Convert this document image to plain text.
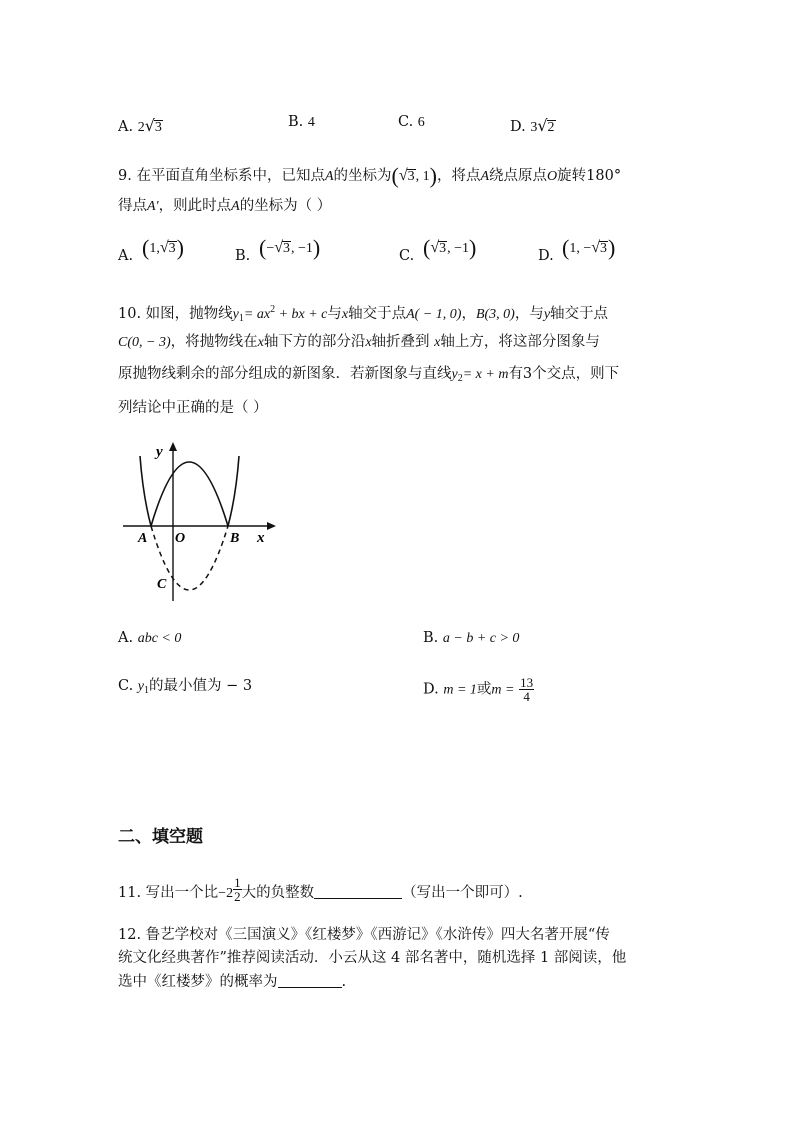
A. 2√3	B. 4	C. 6	D. 3√2
9. 在平面直角坐标系中，已知点A的坐标为(√3, 1)，将点A绕点原点O旋转180°
得点A′，则此时点A的坐标为（ ）
A. (1,√3)	B. (−√3, −1)	C. (√3, −1)	D. (1, −√3)
10. 如图，抛物线$y_1= ax^2$ + bx + c与x轴交于点A( − 1, 0)，B(3, 0)，与y轴交于点
C(0, − 3)，将抛物线在x轴下方的部分沿x轴折叠到 x轴上方，将这部分图象与
原抛物线剩余的部分组成的新图象．若新图象与直线$y_2= x + m$有3个交点，则下
列结论中正确的是（ ）
y
O
A	B x
C
A. abc < 0	B. a − b + c > 0
C. $y_1$的最小值为 − 3	D. m = 1或$m = \frac{13}{4}$
二、填空题
11. 写出一个比$-2 \frac{1}{2}$ 大的负整数	（写出一个即可）.
12. 鲁艺学校对《三国演义》《红楼梦》《西游记》《水浒传》四大名著开展“传
统文化经典著作”推荐阅读活动．小云从这 4 部名著中，随机选择 1 部阅读，他
选中《红楼梦》的概率为	.
